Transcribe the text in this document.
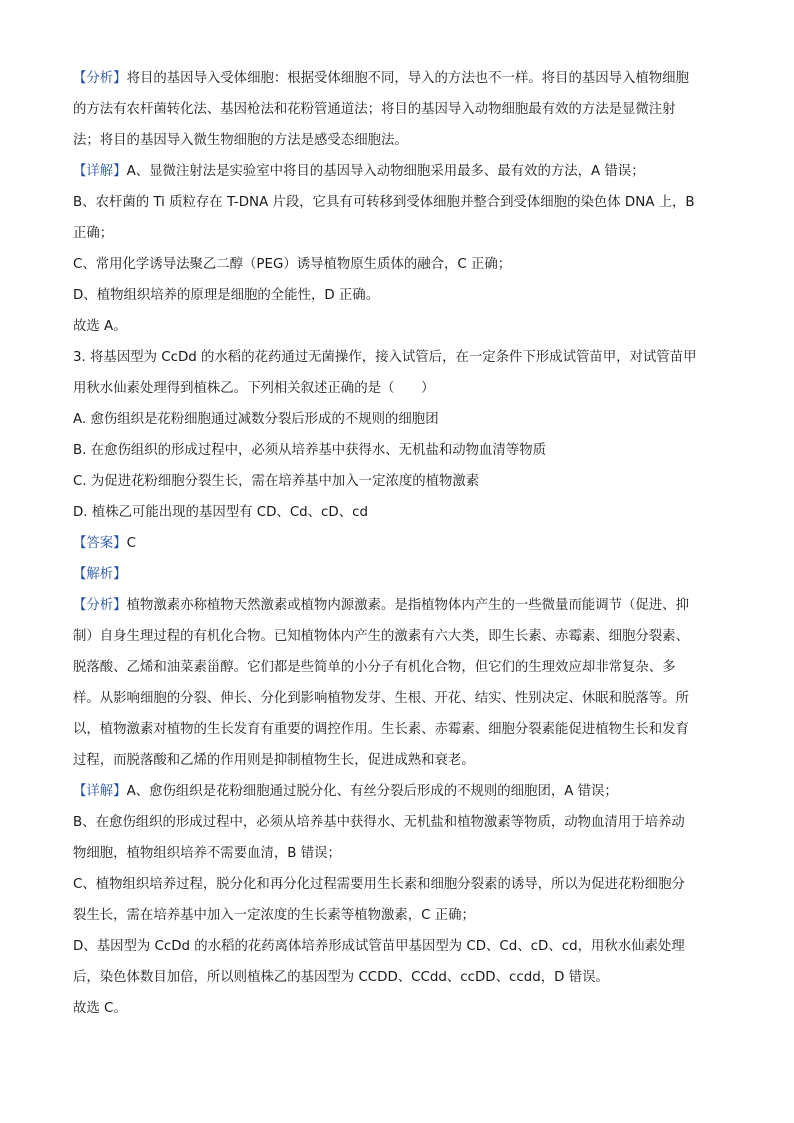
【分析】将目的基因导入受体细胞：根据受体细胞不同，导入的方法也不一样。将目的基因导入植物细胞
的方法有农杆菌转化法、基因枪法和花粉管通道法；将目的基因导入动物细胞最有效的方法是显微注射
法；将目的基因导入微生物细胞的方法是感受态细胞法。
【详解】A、显微注射法是实验室中将目的基因导入动物细胞采用最多、最有效的方法，A 错误；
B、农杆菌的 Ti 质粒存在 T-DNA 片段，它具有可转移到受体细胞并整合到受体细胞的染色体 DNA 上，B
正确；
C、常用化学诱导法聚乙二醇（PEG）诱导植物原生质体的融合，C 正确；
D、植物组织培养的原理是细胞的全能性，D 正确。
故选 A。
3. 将基因型为 CcDd 的水稻的花药通过无菌操作，接入试管后，在一定条件下形成试管苗甲，对试管苗甲
用秋水仙素处理得到植株乙。下列相关叙述正确的是（　　）
A. 愈伤组织是花粉细胞通过减数分裂后形成的不规则的细胞团
B. 在愈伤组织的形成过程中，必须从培养基中获得水、无机盐和动物血清等物质
C. 为促进花粉细胞分裂生长，需在培养基中加入一定浓度的植物激素
D. 植株乙可能出现的基因型有 CD、Cd、cD、cd
【答案】C
【解析】
【分析】植物激素亦称植物天然激素或植物内源激素。是指植物体内产生的一些微量而能调节（促进、抑
制）自身生理过程的有机化合物。已知植物体内产生的激素有六大类，即生长素、赤霉素、细胞分裂素、
脱落酸、乙烯和油菜素甾醇。它们都是些简单的小分子有机化合物，但它们的生理效应却非常复杂、多
样。从影响细胞的分裂、伸长、分化到影响植物发芽、生根、开花、结实、性别决定、休眠和脱落等。所
以，植物激素对植物的生长发育有重要的调控作用。生长素、赤霉素、细胞分裂素能促进植物生长和发育
过程，而脱落酸和乙烯的作用则是抑制植物生长，促进成熟和衰老。
【详解】A、愈伤组织是花粉细胞通过脱分化、有丝分裂后形成的不规则的细胞团，A 错误；
B、在愈伤组织的形成过程中，必须从培养基中获得水、无机盐和植物激素等物质，动物血清用于培养动
物细胞，植物组织培养不需要血清，B 错误；
C、植物组织培养过程，脱分化和再分化过程需要用生长素和细胞分裂素的诱导，所以为促进花粉细胞分
裂生长，需在培养基中加入一定浓度的生长素等植物激素，C 正确；
D、基因型为 CcDd 的水稻的花药离体培养形成试管苗甲基因型为 CD、Cd、cD、cd，用秋水仙素处理
后，染色体数目加倍，所以则植株乙的基因型为 CCDD、CCdd、ccDD、ccdd，D 错误。
故选 C。
